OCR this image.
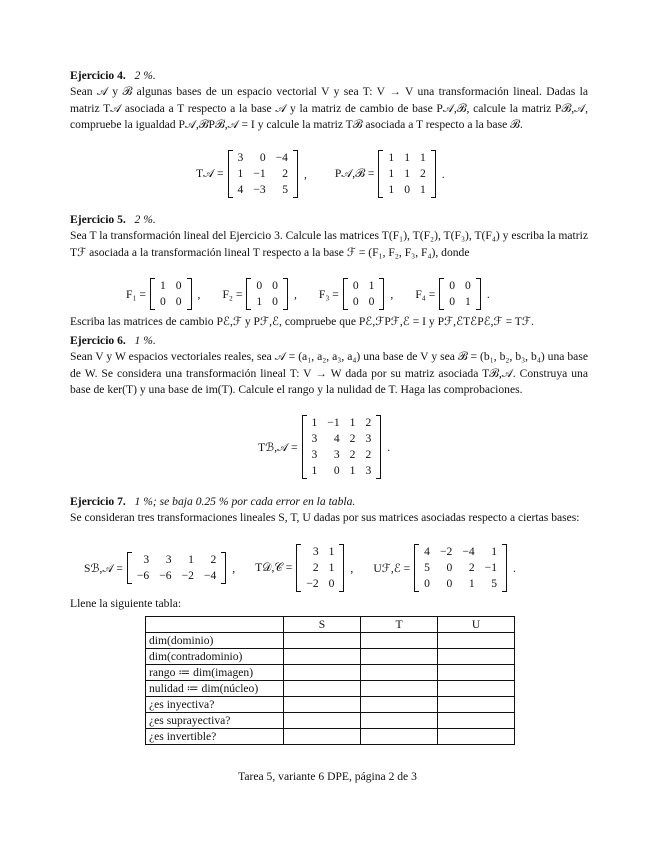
Ejercicio 4. 2 %.
Sean 𝒜 y ℬ algunas bases de un espacio vectorial V y sea T: V → V una transformación lineal. Dadas la matriz T𝒜 asociada a T respecto a la base 𝒜 y la matriz de cambio de base P𝒜,ℬ, calcule la matriz Pℬ,𝒜, compruebe la igualdad P𝒜,ℬPℬ,𝒜 = I y calcule la matriz Tℬ asociada a T respecto a la base ℬ.

T𝒜 =
3	0	−4
1	−1	2
4	−3	5
, P𝒜,ℬ =
1	1	1
1	1	2
1	0	1
.

Ejercicio 5. 2 %.
Sea T la transformación lineal del Ejercicio 3. Calcule las matrices T(F₁), T(F₂), T(F₃), T(F₄) y escriba la matriz Tℱ asociada a la transformación lineal T respecto a la base ℱ = (F₁, F₂, F₃, F₄), donde

F₁ =
1	0
0	0
, F₂ =
0	0
1	0
, F₃ =
0	1
0	0
, F₄ =
0	0
0	1
.

Escriba las matrices de cambio Pℰ,ℱ y Pℱ,ℰ, compruebe que Pℰ,ℱPℱ,ℰ = I y Pℱ,ℰTℰPℰ,ℱ = Tℱ.

Ejercicio 6. 1 %.
Sean V y W espacios vectoriales reales, sea 𝒜 = (a₁, a₂, a₃, a₄) una base de V y sea ℬ = (b₁, b₂, b₃, b₄) una base de W. Se considera una transformación lineal T: V → W dada por su matriz asociada Tℬ,𝒜. Construya una base de ker(T) y una base de im(T). Calcule el rango y la nulidad de T. Haga las comprobaciones.

Tℬ,𝒜 =
1	−1	1	2
3	4	2	3
3	3	2	2
1	0	1	3
.

Ejercicio 7. 1 %; se baja 0.25 % por cada error en la tabla.
Se consideran tres transformaciones lineales S, T, U dadas por sus matrices asociadas respecto a ciertas bases:

Sℬ,𝒜 =
3	3	1	2
−6	−6	−2	−4
, T𝒟,𝒞 =
3	1
2	1
−2	0
, Uℱ,ℰ =
4	−2	−4	1
5	0	2	−1
0	0	1	5
.

Llene la siguiente tabla:

	S	T	U
dim(dominio)			
dim(contradominio)			
rango ≔ dim(imagen)			
nulidad ≔ dim(núcleo)			
¿es inyectiva?			
¿es suprayectiva?			
¿es invertible?			
Tarea 5, variante 6 DPE, página 2 de 3
